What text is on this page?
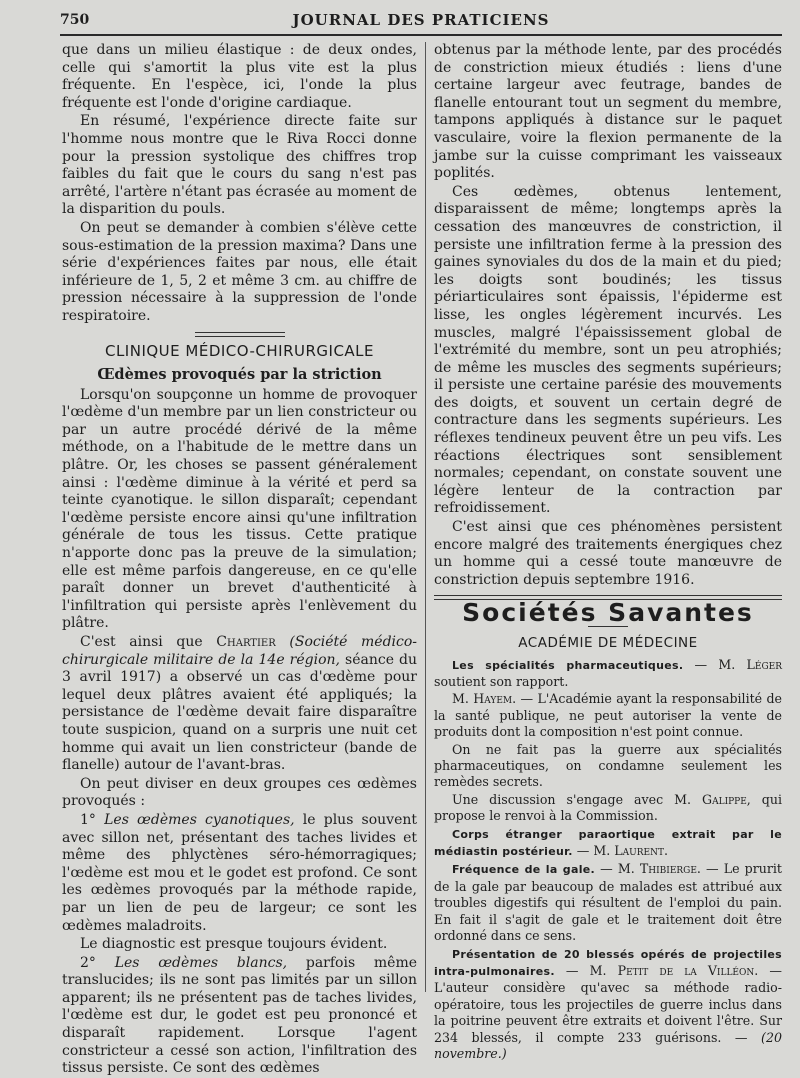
750	JOURNAL DES PRATICIENS

que dans un milieu élastique : de deux ondes, celle qui s'amortit la plus vite est la plus fréquente. En l'espèce, ici, l'onde la plus fréquente est l'onde d'origine cardiaque.

En résumé, l'expérience directe faite sur l'homme nous montre que le Riva Rocci donne pour la pression systolique des chiffres trop faibles du fait que le cours du sang n'est pas arrêté, l'artère n'étant pas écrasée au moment de la disparition du pouls.

On peut se demander à combien s'élève cette sous-estimation de la pression maxima? Dans une série d'expériences faites par nous, elle était inférieure de 1, 5, 2 et même 3 cm. au chiffre de pression nécessaire à la suppression de l'onde respiratoire.

CLINIQUE MÉDICO-CHIRURGICALE
Œdèmes provoqués par la striction

Lorsqu'on soupçonne un homme de provoquer l'œdème d'un membre par un lien constricteur ou par un autre procédé dérivé de la même méthode, on a l'habitude de le mettre dans un plâtre. Or, les choses se passent généralement ainsi : l'œdème diminue à la vérité et perd sa teinte cyanotique. le sillon disparaît; cependant l'œdème persiste encore ainsi qu'une infiltration générale de tous les tissus. Cette pratique n'apporte donc pas la preuve de la simulation; elle est même parfois dangereuse, en ce qu'elle paraît donner un brevet d'authenticité à l'infiltration qui persiste après l'enlèvement du plâtre.

C'est ainsi que Chartier (Société médico-chirurgicale militaire de la 14e région, séance du 3 avril 1917) a observé un cas d'œdème pour lequel deux plâtres avaient été appliqués; la persistance de l'œdème devait faire disparaître toute suspicion, quand on a surpris une nuit cet homme qui avait un lien constricteur (bande de flanelle) autour de l'avant-bras.

On peut diviser en deux groupes ces œdèmes provoqués :

1° Les œdèmes cyanotiques, le plus souvent avec sillon net, présentant des taches livides et même des phlyctènes séro-hémorragiques; l'œdème est mou et le godet est profond. Ce sont les œdèmes provoqués par la méthode rapide, par un lien de peu de largeur; ce sont les œdèmes maladroits.

Le diagnostic est presque toujours évident.

2° Les œdèmes blancs, parfois même translucides; ils ne sont pas limités par un sillon apparent; ils ne présentent pas de taches livides, l'œdème est dur, le godet est peu prononcé et disparaît rapidement. Lorsque l'agent constricteur a cessé son action, l'infiltration des tissus persiste. Ce sont des œdèmes

obtenus par la méthode lente, par des procédés de constriction mieux étudiés : liens d'une certaine largeur avec feutrage, bandes de flanelle entourant tout un segment du membre, tampons appliqués à distance sur le paquet vasculaire, voire la flexion permanente de la jambe sur la cuisse comprimant les vaisseaux poplités.

Ces œdèmes, obtenus lentement, disparaissent de même; longtemps après la cessation des manœuvres de constriction, il persiste une infiltration ferme à la pression des gaines synoviales du dos de la main et du pied; les doigts sont boudinés; les tissus périarticulaires sont épaissis, l'épiderme est lisse, les ongles légèrement incurvés. Les muscles, malgré l'épaississement global de l'extrémité du membre, sont un peu atrophiés; de même les muscles des segments supérieurs; il persiste une certaine parésie des mouvements des doigts, et souvent un certain degré de contracture dans les segments supérieurs. Les réflexes tendineux peuvent être un peu vifs. Les réactions électriques sont sensiblement normales; cependant, on constate souvent une légère lenteur de la contraction par refroidissement.

C'est ainsi que ces phénomènes persistent encore malgré des traitements énergiques chez un homme qui a cessé toute manœuvre de constriction depuis septembre 1916.

Sociétés Savantes
ACADÉMIE DE MÉDECINE

Les spécialités pharmaceutiques. — M. Léger soutient son rapport.

M. Hayem. — L'Académie ayant la responsabilité de la santé publique, ne peut autoriser la vente de produits dont la composition n'est point connue.

On ne fait pas la guerre aux spécialités pharmaceutiques, on condamne seulement les remèdes secrets.

Une discussion s'engage avec M. Galippe, qui propose le renvoi à la Commission.

Corps étranger paraortique extrait par le médiastin postérieur. — M. Laurent.

Fréquence de la gale. — M. Thibierge. — Le prurit de la gale par beaucoup de malades est attribué aux troubles digestifs qui résultent de l'emploi du pain. En fait il s'agit de gale et le traitement doit être ordonné dans ce sens.

Présentation de 20 blessés opérés de projectiles intra-pulmonaires. — M. Petit de la Villéon. — L'auteur considère qu'avec sa méthode radio-opératoire, tous les projectiles de guerre inclus dans la poitrine peuvent être extraits et doivent l'être. Sur 234 blessés, il compte 233 guérisons. — (20 novembre.)
